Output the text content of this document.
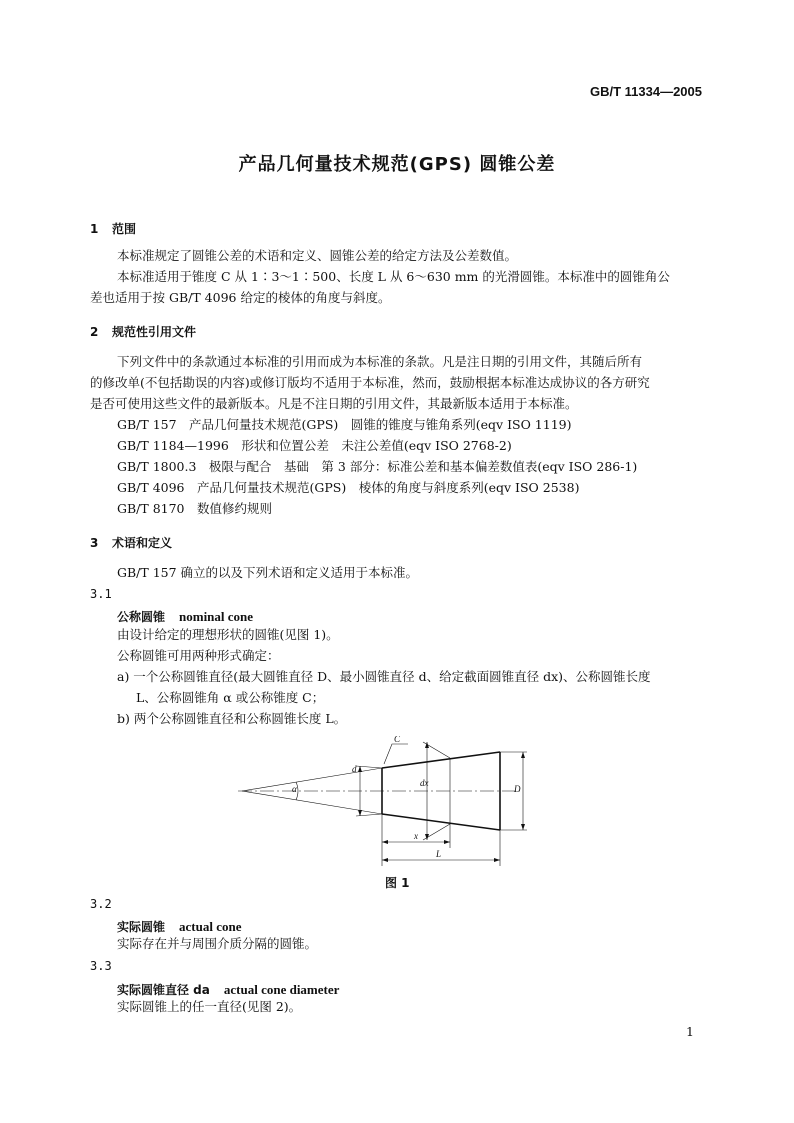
GB/T 11334—2005
产品几何量技术规范(GPS) 圆锥公差
1 范围
本标准规定了圆锥公差的术语和定义、圆锥公差的给定方法及公差数值。
本标准适用于锥度 C 从 1∶3～1∶500、长度 L 从 6～630 mm 的光滑圆锥。本标准中的圆锥角公
差也适用于按 GB/T 4096 给定的棱体的角度与斜度。
2 规范性引用文件
下列文件中的条款通过本标准的引用而成为本标准的条款。凡是注日期的引用文件，其随后所有
的修改单(不包括勘误的内容)或修订版均不适用于本标准，然而，鼓励根据本标准达成协议的各方研究
是否可使用这些文件的最新版本。凡是不注日期的引用文件，其最新版本适用于本标准。
GB/T 157　产品几何量技术规范(GPS)　圆锥的锥度与锥角系列(eqv ISO 1119)
GB/T 1184—1996　形状和位置公差　未注公差值(eqv ISO 2768-2)
GB/T 1800.3　极限与配合　基础　第 3 部分：标准公差和基本偏差数值表(eqv ISO 286-1)
GB/T 4096　产品几何量技术规范(GPS)　棱体的角度与斜度系列(eqv ISO 2538)
GB/T 8170　数值修约规则
3 术语和定义
GB/T 157 确立的以及下列术语和定义适用于本标准。
3.1
公称圆锥 nominal cone
由设计给定的理想形状的圆锥(见图 1)。
公称圆锥可用两种形式确定：
a) 一个公称圆锥直径(最大圆锥直径 D、最小圆锥直径 d、给定截面圆锥直径 dx)、公称圆锥长度
L、公称圆锥角 α 或公称锥度 C；
b) 两个公称圆锥直径和公称圆锥长度 L。
C
d
dx
D
α
x
L
图 1
3.2
实际圆锥 actual cone
实际存在并与周围介质分隔的圆锥。
3.3
实际圆锥直径 da actual cone diameter
实际圆锥上的任一直径(见图 2)。
1
